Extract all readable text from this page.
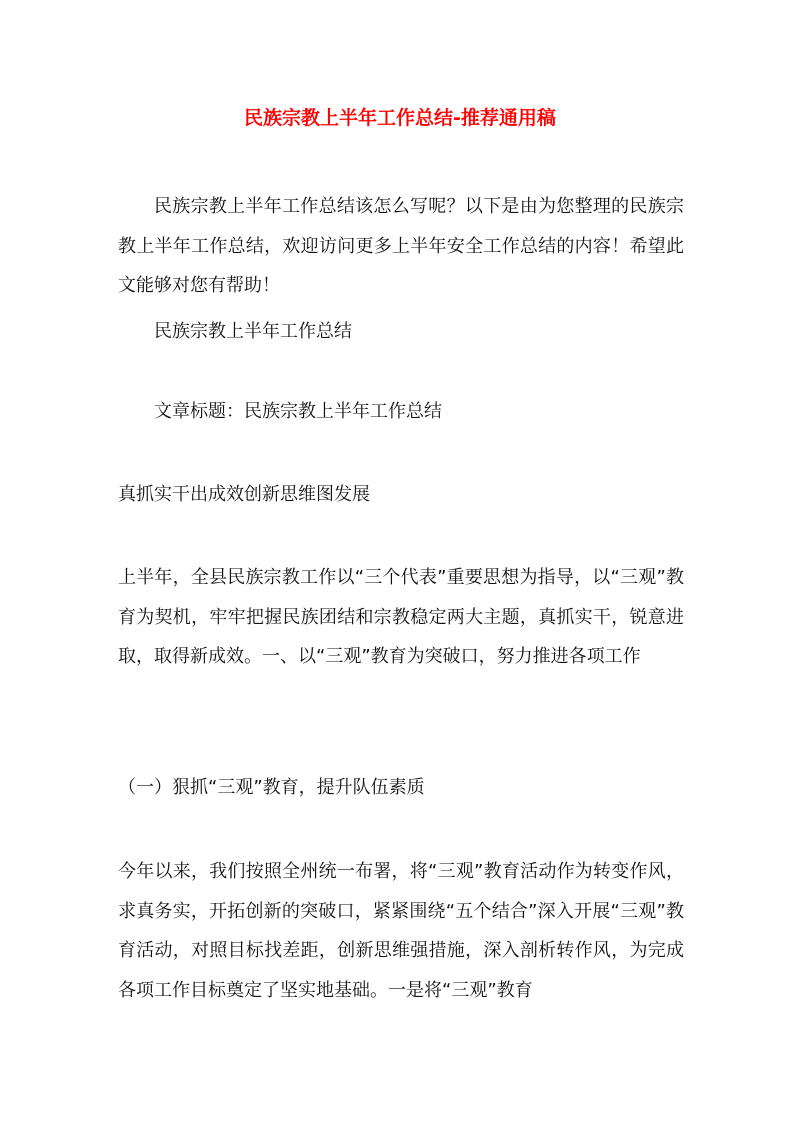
民族宗教上半年工作总结-推荐通用稿

民族宗教上半年工作总结该怎么写呢？以下是由为您整理的民族宗教上半年工作总结，欢迎访问更多上半年安全工作总结的内容！希望此文能够对您有帮助！

民族宗教上半年工作总结

文章标题：民族宗教上半年工作总结

真抓实干出成效创新思维图发展

上半年，全县民族宗教工作以“三个代表”重要思想为指导，以“三观”教育为契机，牢牢把握民族团结和宗教稳定两大主题，真抓实干，锐意进取，取得新成效。一、以“三观”教育为突破口，努力推进各项工作

（一）狠抓“三观”教育，提升队伍素质

今年以来，我们按照全州统一布署，将“三观”教育活动作为转变作风，求真务实，开拓创新的突破口，紧紧围绕“五个结合”深入开展“三观”教育活动，对照目标找差距，创新思维强措施，深入剖析转作风，为完成各项工作目标奠定了坚实地基础。一是将“三观”教育
